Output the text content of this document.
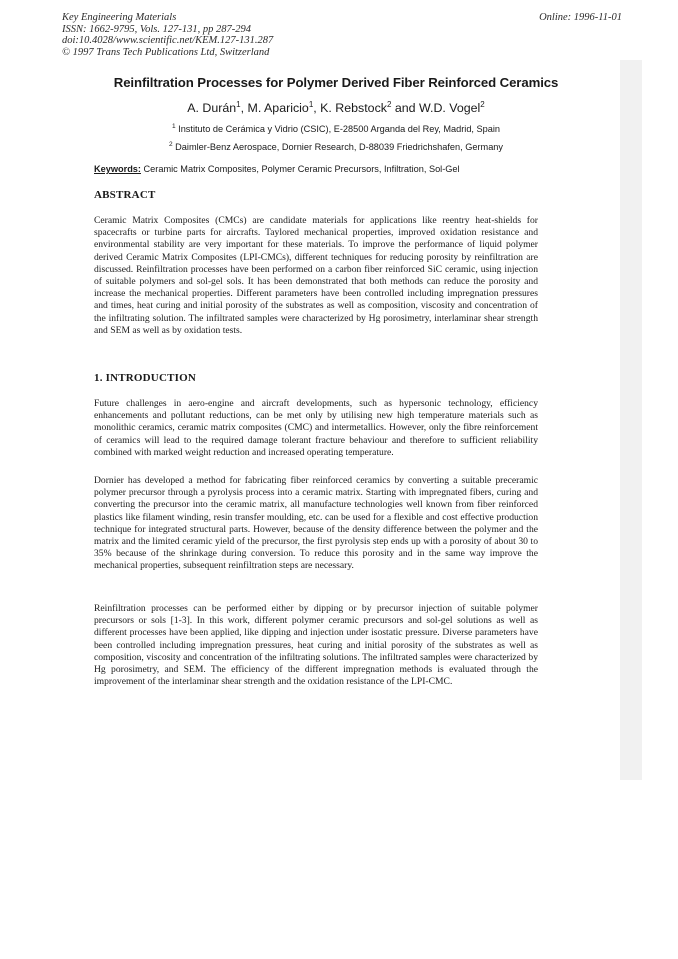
Key Engineering Materials
ISSN: 1662-9795, Vols. 127-131, pp 287-294
doi:10.4028/www.scientific.net/KEM.127-131.287
© 1997 Trans Tech Publications Ltd, Switzerland
Online: 1996-11-01
Reinfiltration Processes for Polymer Derived Fiber Reinforced Ceramics
A. Durán$^1$, M. Aparicio$^1$, K. Rebstock$^2$ and W.D. Vogel$^2$
$^1$ Instituto de Cerámica y Vidrio (CSIC), E-28500 Arganda del Rey, Madrid, Spain
$^2$ Daimler-Benz Aerospace, Dornier Research, D-88039 Friedrichshafen, Germany
Keywords: Ceramic Matrix Composites, Polymer Ceramic Precursors, Infiltration, Sol-Gel
ABSTRACT
Ceramic Matrix Composites (CMCs) are candidate materials for applications like reentry heat-shields for spacecrafts or turbine parts for aircrafts. Taylored mechanical properties, improved oxidation resistance and environmental stability are very important for these materials. To improve the performance of liquid polymer derived Ceramic Matrix Composites (LPI-CMCs), different techniques for reducing porosity by reinfiltration are discussed. Reinfiltration processes have been performed on a carbon fiber reinforced SiC ceramic, using injection of suitable polymers and sol-gel sols. It has been demonstrated that both methods can reduce the porosity and increase the mechanical properties. Different parameters have been controlled including impregnation pressures and times, heat curing and initial porosity of the substrates as well as composition, viscosity and concentration of the infiltrating solution. The infiltrated samples were characterized by Hg porosimetry, interlaminar shear strength and SEM as well as by oxidation tests.
1. INTRODUCTION
Future challenges in aero-engine and aircraft developments, such as hypersonic technology, efficiency enhancements and pollutant reductions, can be met only by utilising new high temperature materials such as monolithic ceramics, ceramic matrix composites (CMC) and intermetallics. However, only the fibre reinforcement of ceramics will lead to the required damage tolerant fracture behaviour and therefore to sufficient reliability combined with marked weight reduction and increased operating temperature.
Dornier has developed a method for fabricating fiber reinforced ceramics by converting a suitable preceramic polymer precursor through a pyrolysis process into a ceramic matrix. Starting with impregnated fibers, curing and converting the precursor into the ceramic matrix, all manufacture technologies well known from fiber reinforced plastics like filament winding, resin transfer moulding, etc. can be used for a flexible and cost effective production technique for integrated structural parts. However, because of the density difference between the polymer and the matrix and the limited ceramic yield of the precursor, the first pyrolysis step ends up with a porosity of about 30 to 35% because of the shrinkage during conversion. To reduce this porosity and in the same way improve the mechanical properties, subsequent reinfiltration steps are necessary.
Reinfiltration processes can be performed either by dipping or by precursor injection of suitable polymer precursors or sols [1-3]. In this work, different polymer ceramic precursors and sol-gel solutions as well as different processes have been applied, like dipping and injection under isostatic pressure. Diverse parameters have been controlled including impregnation pressures, heat curing and initial porosity of the substrates as well as composition, viscosity and concentration of the infiltrating solutions. The infiltrated samples were characterized by Hg porosimetry, and SEM. The efficiency of the different impregnation methods is evaluated through the improvement of the interlaminar shear strength and the oxidation resistance of the LPI-CMC.
